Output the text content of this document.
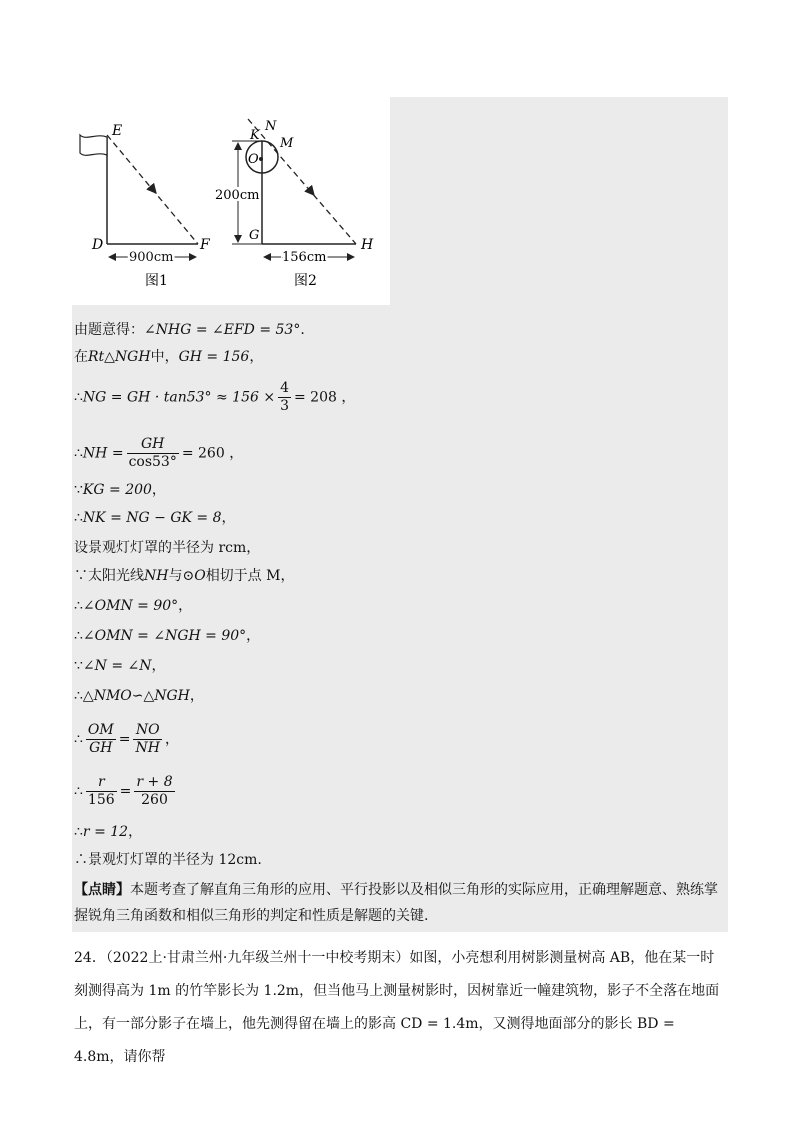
E
D	F
900cm
图1
200cm
K
N
M
O
G
H
156cm
图2
由题意得：∠NHG = ∠EFD = 53°.
在Rt△NGH中，GH = 156，
∴NG = GH · $\tan 53^\circ \approx 156 \times \frac{4}{3} = 208$ ，
∴NH = $\frac{GH}{\cos 53^\circ} = 260$ ，
∵KG = 200，
∴NK = NG − GK = 8，
设景观灯灯罩的半径为 rcm，
∵太阳光线NH与⊙O相切于点 M，
∴∠OMN = 90°，
∴∠OMN = ∠NGH = 90°，
∵∠N = ∠N，
∴△NMO∽△NGH，
∴ $\frac{OM}{GH} = \frac{NO}{NH}$ ，
∴ $\frac{r}{156} = \frac{r + 8}{260}$
∴r = 12，
∴景观灯灯罩的半径为 12cm.
【点睛】本题考查了解直角三角形的应用、平行投影以及相似三角形的实际应用，正确理解题意、熟练掌握锐角三角函数和相似三角形的判定和性质是解题的关键.
24．（2022上·甘肃兰州·九年级兰州十一中校考期末）如图，小亮想利用树影测量树高 AB，他在某一时刻测得高为 1m 的竹竿影长为 1.2m，但当他马上测量树影时，因树靠近一幢建筑物，影子不全落在地面上，有一部分影子在墙上，他先测得留在墙上的影高 CD = 1.4m，又测得地面部分的影长 BD = 4.8m，请你帮
